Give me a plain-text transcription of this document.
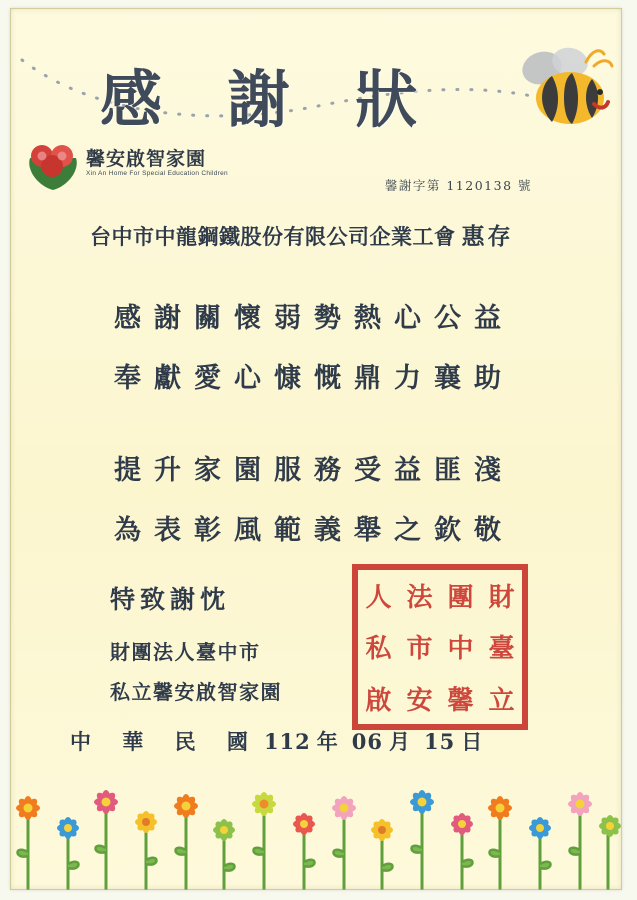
感 謝 狀
馨安啟智家園
Xin An Home For Special Education Children
馨謝字第 1120138 號
台中市中龍鋼鐵股份有限公司企業工會 惠存
感謝關懷弱勢熱心公益
奉獻愛心慷慨鼎力襄助
提升家園服務受益匪淺
為表彰風範義舉之欽敬
特致謝忱
財團法人臺中市
私立馨安啟智家園
財
團
法
人
臺
中
市
私
立
馨
安
啟
中 華 民 國 112 年 06 月 15 日
